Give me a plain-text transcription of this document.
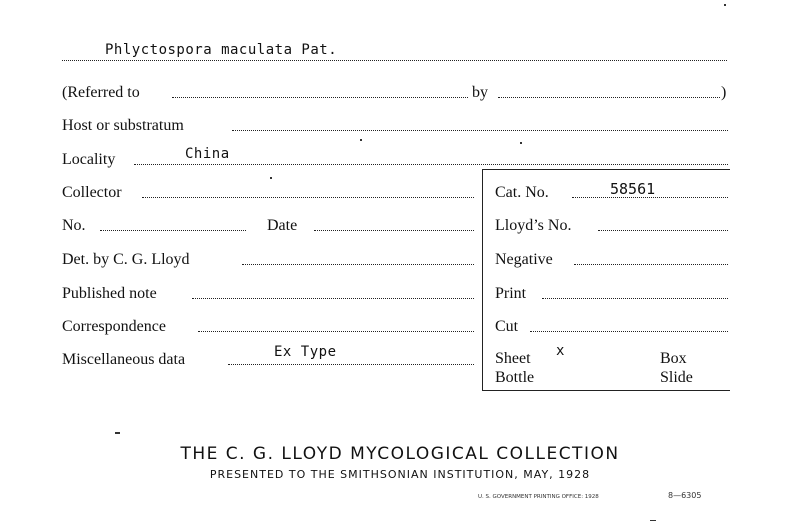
Phlyctospora maculata Pat.
(Referred to	by	)
Host or substratum
Locality	China
Collector	Cat. No.	58561
No.	Date	Lloyd’s No.
Det. by C. G. Lloyd	Negative
Published note	Print
Correspondence	Cut
Miscellaneous data	Ex Type	Sheet x	Box
Bottle	Slide
THE C. G. LLOYD MYCOLOGICAL COLLECTION
PRESENTED TO THE SMITHSONIAN INSTITUTION, MAY, 1928
U. S. GOVERNMENT PRINTING OFFICE: 1928	8—6305
